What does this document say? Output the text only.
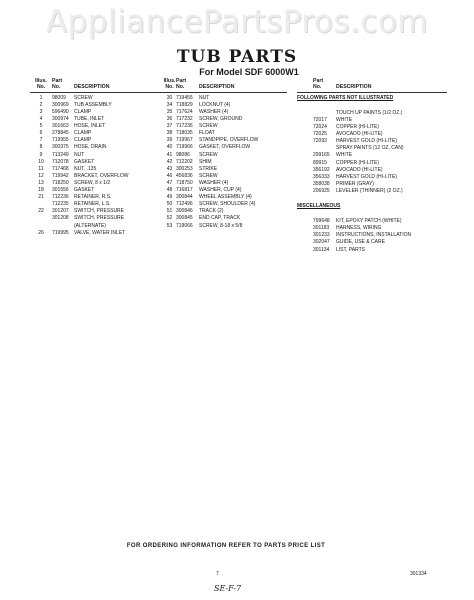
AppliancePartsPros.com
TUB PARTS
For Model SDF 6000W1
Illus. Part
No.	No.	DESCRIPTION
1	98009	SCREW
2	300969	TUB ASSEMBLY
3	596490	CLAMP
4	300974	TUBE, INLET
5	301663	HOSE, INLET
6	278845	CLAMP
7	719955	CLAMP
8	300375	HOSE, DRAIN
9	713249	NUT
10	712078	GASKET
11	717468	NUT, .135
12	719942	BRACKET, OVERFLOW
13	718250	SCREW, 8 x 1/2
18	301556	GASKET
21	712236	RETAINER, R.S.
712235	RETAINER, L.S.
22	301207	SWITCH, PRESSURE
301208	SWITCH, PRESSURE
(ALTERNATE)
26	719995	VALVE, WATER INLET
Illus. Part
No. No.	DESCRIPTION
30 719455	NUT
34 718829	LOCKNUT (4)
35 717624	WASHER (4)
36 717232	SCREW, GROUND
37 717236	SCREW
38 718035	FLOAT
39 719967	STANDPIPE, OVERFLOW
40 719966	GASKET, OVERFLOW
41 98086	SCREW
42 712202	SHIM
43 300253	STRIKE
46 456836	SCREW
47 718750	WASHER (4)
48 716817	WASHER, CUP (4)
49 300844	WHEEL ASSEMBLY (4)
50 712496	SCREW, SHOULDER (4)
51 300846	TRACK (2)
52 300845	END CAP, TRACK
53 719066	SCREW, 8-18 x 5/8
Part
No.	DESCRIPTION
FOLLOWING PARTS NOT ILLUSTRATED
TOUCH UP PAINTS (1/2 OZ.)
72017	WHITE
72024	COPPER (HI-LITE)
72025	AVOCADO (HI-LITE)
72093	HARVEST GOLD (HI-LITE)
SPRAY PAINTS (12 OZ. CAN)
299165	WHITE
89915	COPPER (HI-LITE)
356192	AVOCADO (HI-LITE)
356333	HARVEST GOLD (HI-LITE)
358038	PRIMER (GRAY)
206925	LEVELER (THINNER) (2 OZ.)
MISCELLANEOUS
799648	KIT, EPOXY PATCH (WHITE)
301183	HARNESS, WIRING
301233	INSTRUCTIONS, INSTALLATION
302047	GUIDE, USE & CARE
301134	LIST, PARTS
FOR ORDERING INFORMATION REFER TO PARTS PRICE LIST
7	301334
SE-F-7
